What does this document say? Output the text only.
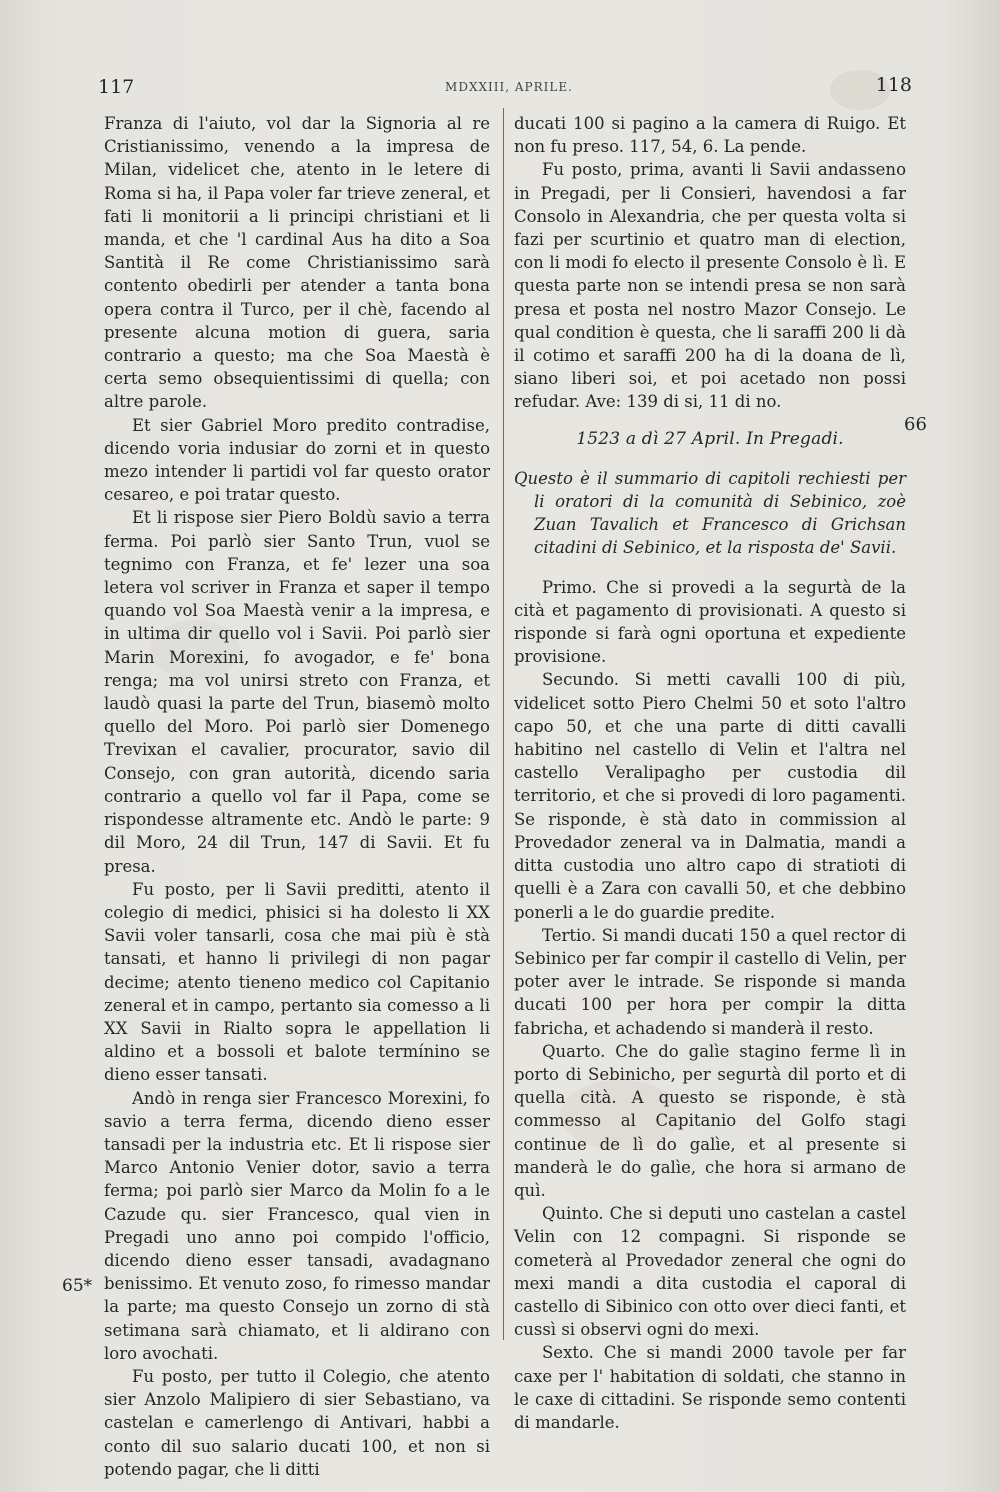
117	MDXXIII, APRILE.	118

Franza di l'aiuto, vol dar la Signoria al re Cristianissimo, venendo a la impresa de Milan, videlicet che, atento in le letere di Roma si ha, il Papa voler far trieve zeneral, et fati li monitorii a li principi christiani et li manda, et che 'l cardinal Aus ha dito a Soa Santità il Re come Christianissimo sarà contento obedirli per atender a tanta bona opera contra il Turco, per il chè, facendo al presente alcuna motion di guera, saria contrario a questo; ma che Soa Maestà è certa semo obsequientissimi di quella; con altre parole.

Et sier Gabriel Moro predito contradise, dicendo voria indusiar do zorni et in questo mezo intender li partidi vol far questo orator cesareo, e poi tratar questo.

Et li rispose sier Piero Boldù savio a terra ferma. Poi parlò sier Santo Trun, vuol se tegnimo con Franza, et fe' lezer una soa letera vol scriver in Franza et saper il tempo quando vol Soa Maestà venir a la impresa, e in ultima dir quello vol i Savii. Poi parlò sier Marin Morexini, fo avogador, e fe' bona renga; ma vol unirsi streto con Franza, et laudò quasi la parte del Trun, biasemò molto quello del Moro. Poi parlò sier Domenego Trevixan el cavalier, procurator, savio dil Consejo, con gran autorità, dicendo saria contrario a quello vol far il Papa, come se rispondesse altramente etc. Andò le parte: 9 dil Moro, 24 dil Trun, 147 di Savii. Et fu presa.

Fu posto, per li Savii preditti, atento il colegio di medici, phisici si ha dolesto li XX Savii voler tansarli, cosa che mai più è stà tansati, et hanno li privilegi di non pagar decime; atento tieneno medico col Capitanio zeneral et in campo, pertanto sia comesso a li XX Savii in Rialto sopra le appellation li aldino et a bossoli et balote termínino se dieno esser tansati.

Andò in renga sier Francesco Morexini, fo savio a terra ferma, dicendo dieno esser tansadi per la industria etc. Et li rispose sier Marco Antonio Venier dotor, savio a terra ferma; poi parlò sier Marco da Molin fo a le Cazude qu. sier Francesco, qual vien in Pregadi uno anno poi compido l'officio, dicendo dieno esser tansadi, avadagnano benissimo. Et venuto zoso, fo rimesso mandar la parte; ma questo Consejo un zorno di stà setimana sarà chiamato, et li aldirano con loro avochati.

Fu posto, per tutto il Colegio, che atento sier Anzolo Malipiero di sier Sebastiano, va castelan e camerlengo di Antivari, habbi a conto dil suo salario ducati 100, et non si potendo pagar, che li ditti

65*
66

ducati 100 si pagino a la camera di Ruigo. Et non fu preso. 117, 54, 6. La pende.

Fu posto, prima, avanti li Savii andasseno in Pregadi, per li Consieri, havendosi a far Consolo in Alexandria, che per questa volta si fazi per scurtinio et quatro man di election, con li modi fo electo il presente Consolo è lì. E questa parte non se intendi presa se non sarà presa et posta nel nostro Mazor Consejo. Le qual condition è questa, che li saraffi 200 li dà il cotimo et saraffi 200 ha di la doana de lì, siano liberi soi, et poi acetado non possi refudar. Ave: 139 di si, 11 di no.

1523 a dì 27 April. In Pregadi.

Questo è il summario di capitoli rechiesti per li oratori di la comunità di Sebinico, zoè Zuan Tavalich et Francesco di Grichsan citadini di Sebinico, et la risposta de' Savii.

Primo. Che si provedi a la segurtà de la cità et pagamento di provisionati. A questo si risponde si farà ogni oportuna et expediente provisione.

Secundo. Si metti cavalli 100 di più, videlicet sotto Piero Chelmi 50 et soto l'altro capo 50, et che una parte di ditti cavalli habitino nel castello di Velin et l'altra nel castello Veralipagho per custodia dil territorio, et che si provedi di loro pagamenti. Se risponde, è stà dato in commission al Provedador zeneral va in Dalmatia, mandi a ditta custodia uno altro capo di stratioti di quelli è a Zara con cavalli 50, et che debbino ponerli a le do guardie predite.

Tertio. Si mandi ducati 150 a quel rector di Sebinico per far compir il castello di Velin, per poter aver le intrade. Se risponde si manda ducati 100 per hora per compir la ditta fabricha, et achadendo si manderà il resto.

Quarto. Che do galìe stagino ferme lì in porto di Sebinicho, per segurtà dil porto et di quella cità. A questo se risponde, è stà commesso al Capitanio del Golfo stagi continue de lì do galìe, et al presente si manderà le do galìe, che hora si armano de quì.

Quinto. Che si deputi uno castelan a castel Velin con 12 compagni. Si risponde se cometerà al Provedador zeneral che ogni do mexi mandi a dita custodia el caporal di castello di Sibinico con otto over dieci fanti, et cussì si observi ogni do mexi.

Sexto. Che si mandi 2000 tavole per far caxe per l' habitation di soldati, che stanno in le caxe di cittadini. Se risponde semo contenti di mandarle.
